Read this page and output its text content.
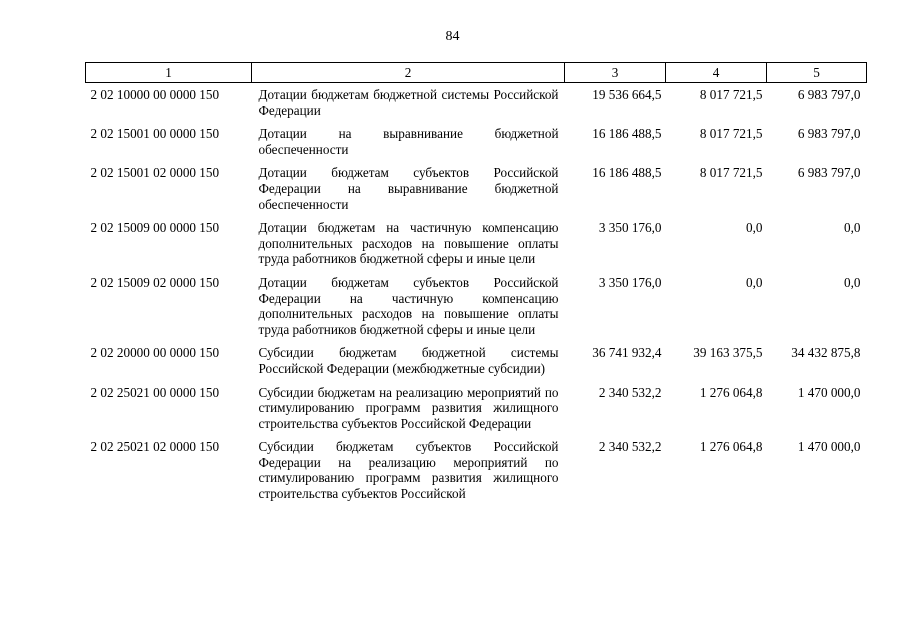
84
1	2	3	4	5
2 02 10000 00 0000 150	Дотации бюджетам бюджетной системы Российской Федерации	19 536 664,5	8 017 721,5	6 983 797,0
2 02 15001 00 0000 150	Дотации на выравнивание бюджетной обеспеченности	16 186 488,5	8 017 721,5	6 983 797,0
2 02 15001 02 0000 150	Дотации бюджетам субъектов Российской Федерации на выравнивание бюджетной обеспеченности	16 186 488,5	8 017 721,5	6 983 797,0
2 02 15009 00 0000 150	Дотации бюджетам на частичную компенсацию дополнительных расходов на повышение оплаты труда работников бюджетной сферы и иные цели	3 350 176,0	0,0	0,0
2 02 15009 02 0000 150	Дотации бюджетам субъектов Российской Федерации на частичную компенсацию дополнительных расходов на повышение оплаты труда работников бюджетной сферы и иные цели	3 350 176,0	0,0	0,0
2 02 20000 00 0000 150	Субсидии бюджетам бюджетной системы Российской Федерации (межбюджетные субсидии)	36 741 932,4	39 163 375,5	34 432 875,8
2 02 25021 00 0000 150	Субсидии бюджетам на реализацию мероприятий по стимулированию программ развития жилищного строительства субъектов Российской Федерации	2 340 532,2	1 276 064,8	1 470 000,0
2 02 25021 02 0000 150	Субсидии бюджетам субъектов Российской Федерации на реализацию мероприятий по стимулированию программ развития жилищного строительства субъектов Российской	2 340 532,2	1 276 064,8	1 470 000,0
